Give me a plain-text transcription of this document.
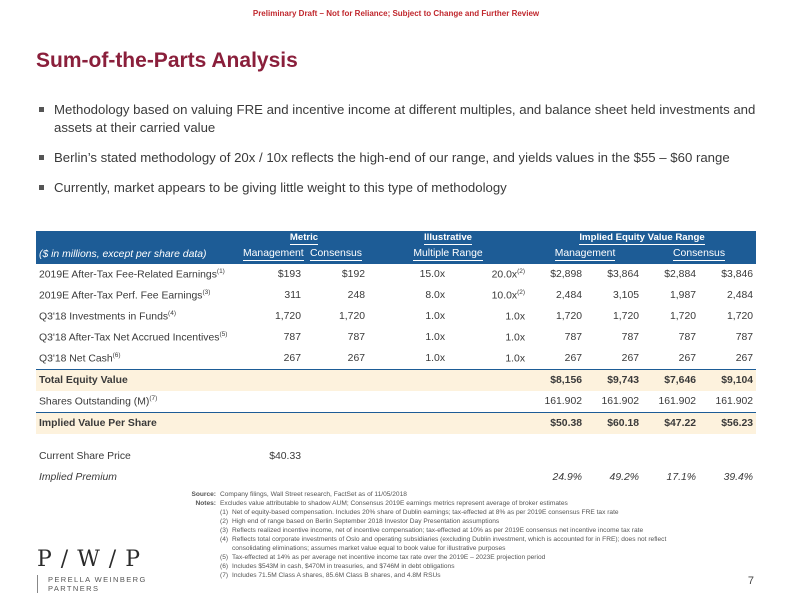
Preliminary Draft – Not for Reliance; Subject to Change and Further Review
Sum-of-the-Parts Analysis
Methodology based on valuing FRE and incentive income at different multiples, and balance sheet held investments and assets at their carried value
Berlin’s stated methodology of 20x / 10x reflects the high-end of our range, and yields values in the $55 – $60 range
Currently, market appears to be giving little weight to this type of methodology
	Metric		Illustrative		Implied Equity Value Range			
($ in millions, except per share data)	Management	Consensus	Multiple Range		Management		Consensus	
2019E After-Tax Fee-Related Earnings$^{(1)}$	$193	$192	15.0x	$20.0x^{(2)}$	$2,898	$3,864	$2,884	$3,846
2019E After-Tax Perf. Fee Earnings$^{(3)}$	311	248	8.0x	$10.0x^{(2)}$	2,484	3,105	1,987	2,484
Q3'18 Investments in Funds$^{(4)}$	1,720	1,720	1.0x	1.0x	1,720	1,720	1,720	1,720
Q3'18 After-Tax Net Accrued Incentives$^{(5)}$	787	787	1.0x	1.0x	787	787	787	787
Q3'18 Net Cash$^{(6)}$	267	267	1.0x	1.0x	267	267	267	267
Total Equity Value					$8,156	$9,743	$7,646	$9,104
Shares Outstanding $(M)^{(7)}$					161.902	161.902	161.902	161.902
Implied Value Per Share					$50.38	$60.18	$47.22	$56.23

Current Share Price	$40.33							
Implied Premium					24.9%	49.2%	17.1%	39.4%
Source: Company filings, Wall Street research, FactSet as of 11/05/2018
Notes: Excludes value attributable to shadow AUM; Consensus 2019E earnings metrics represent average of broker estimates
(1) Net of equity-based compensation. Includes 20% share of Dublin earnings; tax-effected at 8% as per 2019E consensus FRE tax rate
(2) High end of range based on Berlin September 2018 Investor Day Presentation assumptions
(3) Reflects realized incentive income, net of incentive compensation; tax-effected at 10% as per 2019E consensus net incentive income tax rate
(4) Reflects total corporate investments of Oslo and operating subsidiaries (excluding Dublin investment, which is accounted for in FRE); does not reflect
consolidating eliminations; assumes market value equal to book value for illustrative purposes
(5) Tax-effected at 14% as per average net incentive income tax rate over the 2019E – 2023E projection period
(6) Includes $543M in cash, $470M in treasuries, and $746M in debt obligations
(7) Includes 71.5M Class A shares, 85.6M Class B shares, and 4.8M RSUs
P / W / P
PERELLA WEINBERG
PARTNERS
7
